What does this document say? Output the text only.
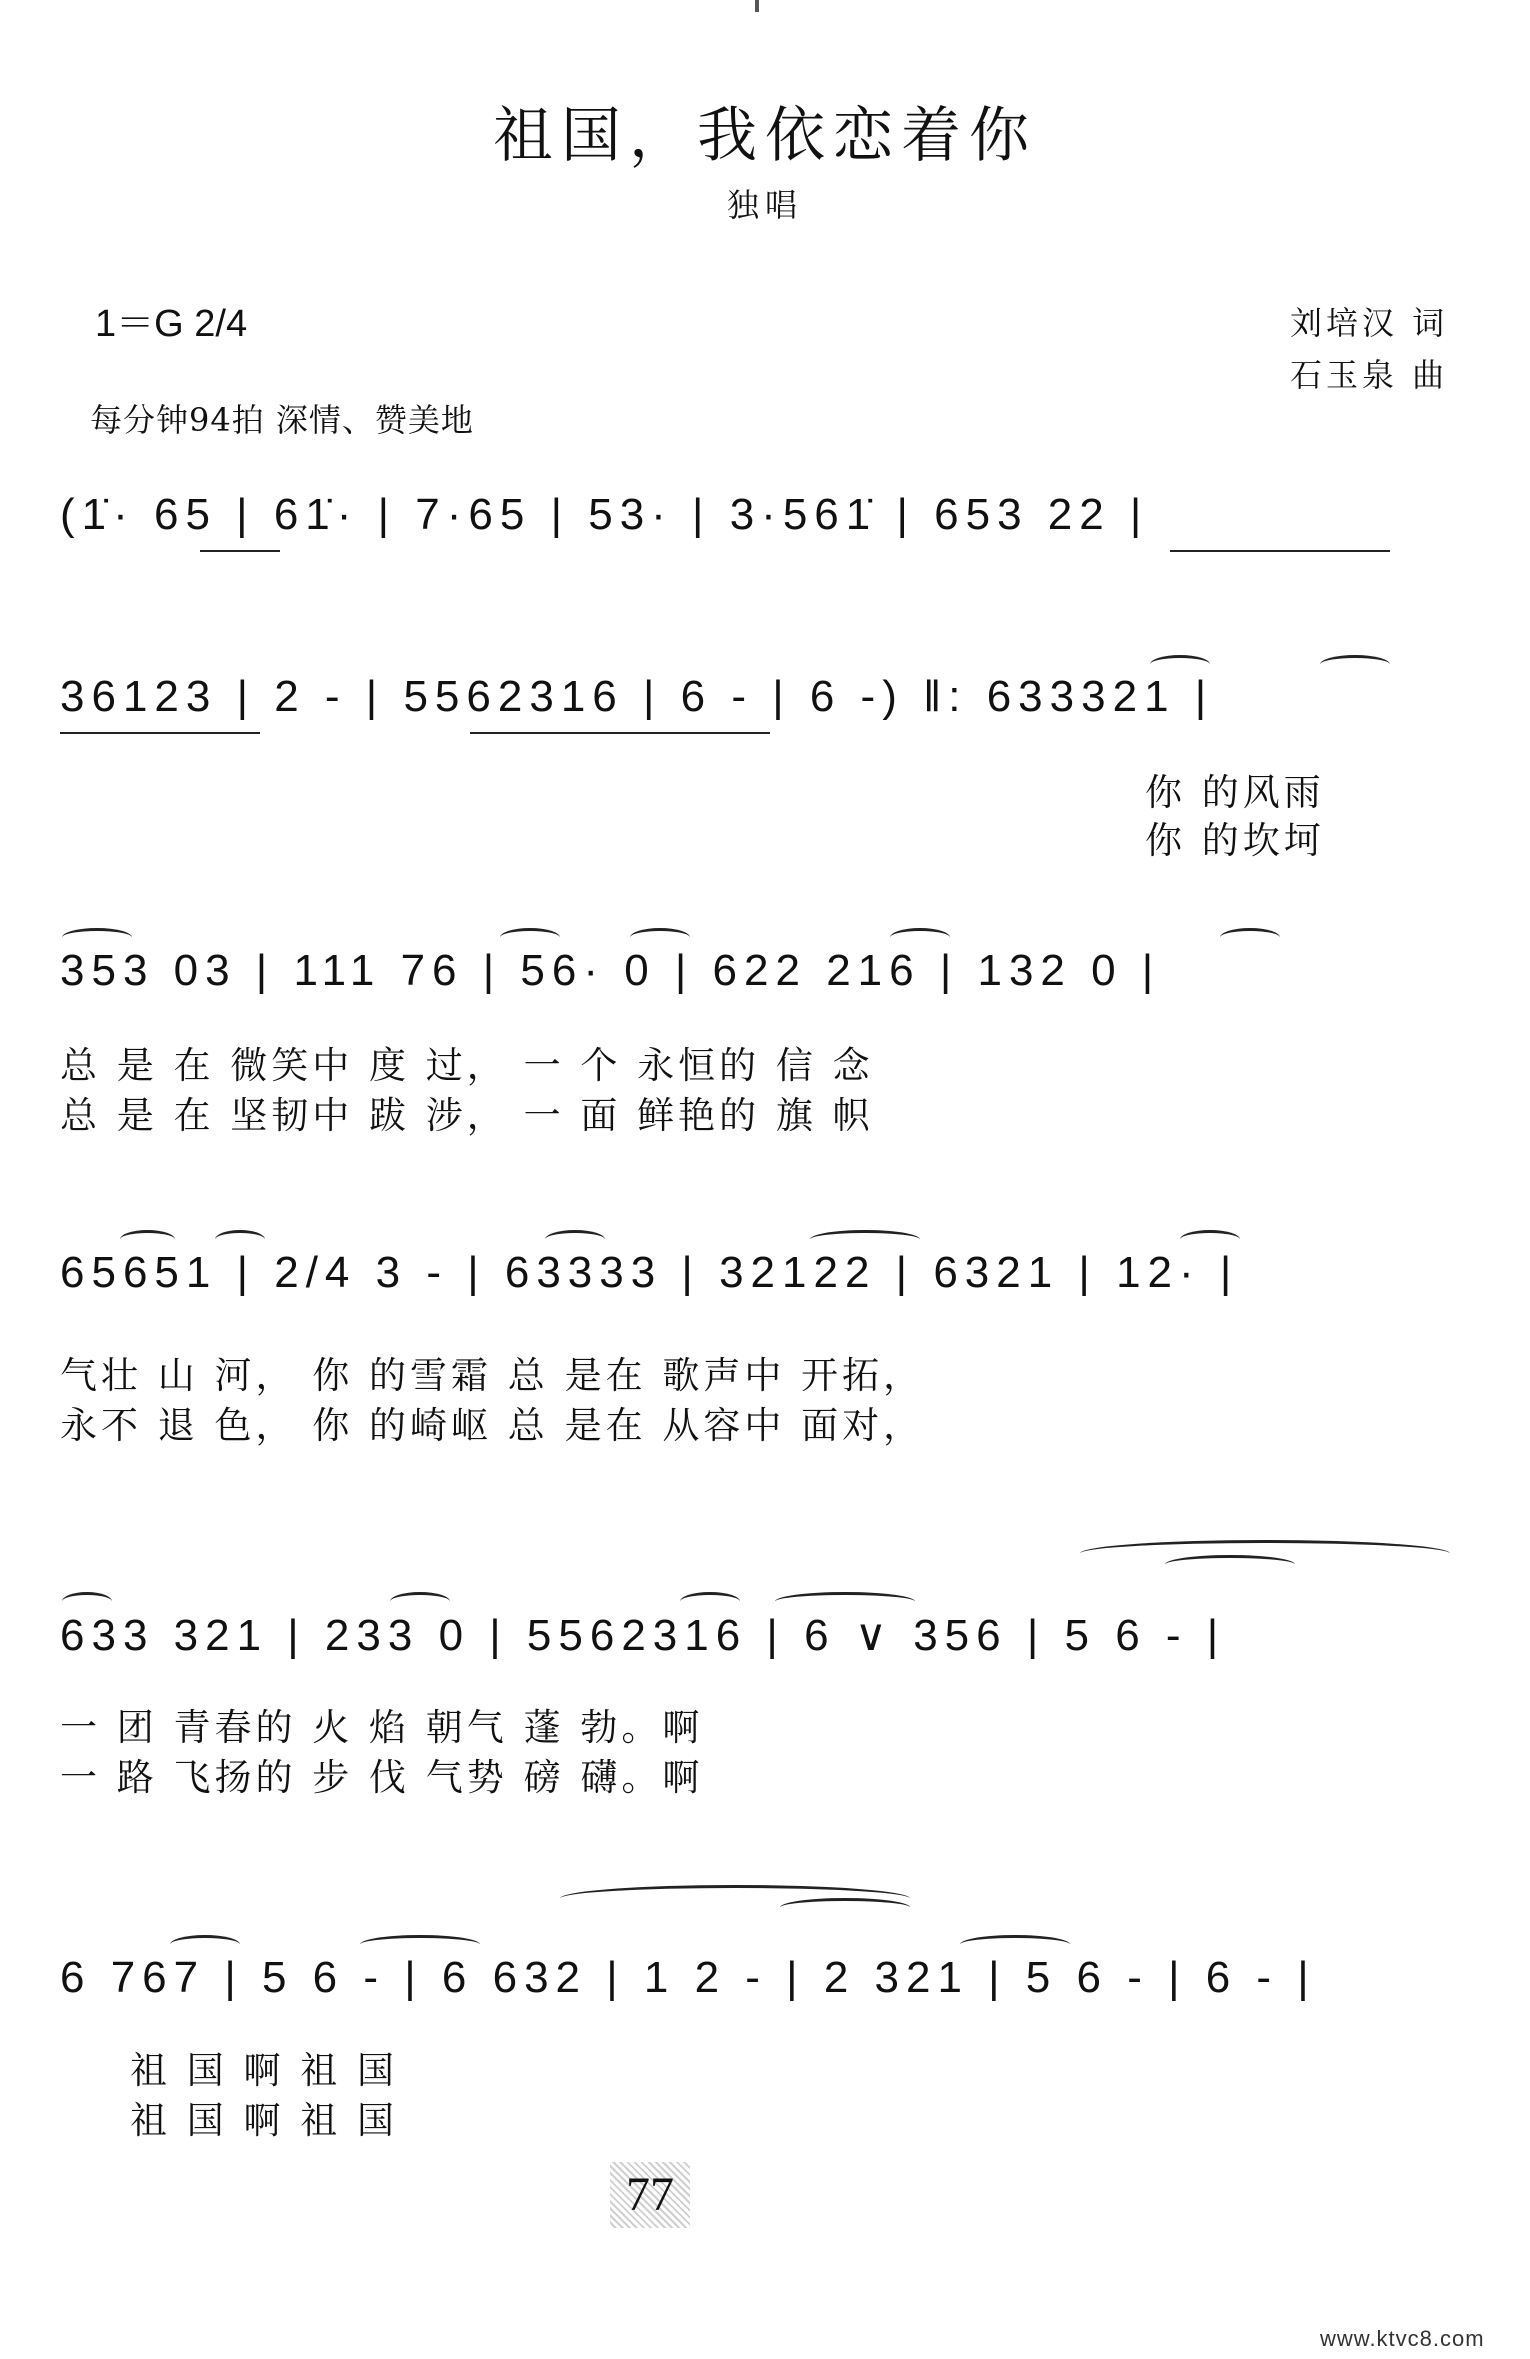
祖国，我依恋着你
独唱
1＝G 2/4	刘培汉 词
石玉泉 曲
每分钟94拍 深情、赞美地
(1̇· 65 | 61̇· | 7·65 | 53· | 3·561̇ | 653 22 |
36123 | 2 - | 5562316 | 6 - | 6 -) ‖: 633321 |
你 的风雨
你 的坎坷
353 03 | 111 76 | 56· 0 | 622 216 | 132 0 |
总 是 在 微笑中 度 过， 一 个 永恒的 信 念
总 是 在 坚韧中 跋 涉， 一 面 鲜艳的 旗 帜
65651 | 2/4 3 - | 63333 | 32122 | 6321 | 12· |
气壮 山 河， 你 的雪霜 总 是在 歌声中 开拓，
永不 退 色， 你 的崎岖 总 是在 从容中 面对，
633 321 | 233 0 | 5562316 | 6 ∨ 356 | 5 6 - |
一 团 青春的 火 焰 朝气 蓬 勃。啊
一 路 飞扬的 步 伐 气势 磅 礴。啊
6 767 | 5 6 - | 6 632 | 1 2 - | 2 321 | 5 6 - | 6 - |
祖 国 啊 祖 国
祖 国 啊 祖 国
77
www.ktvc8.com
